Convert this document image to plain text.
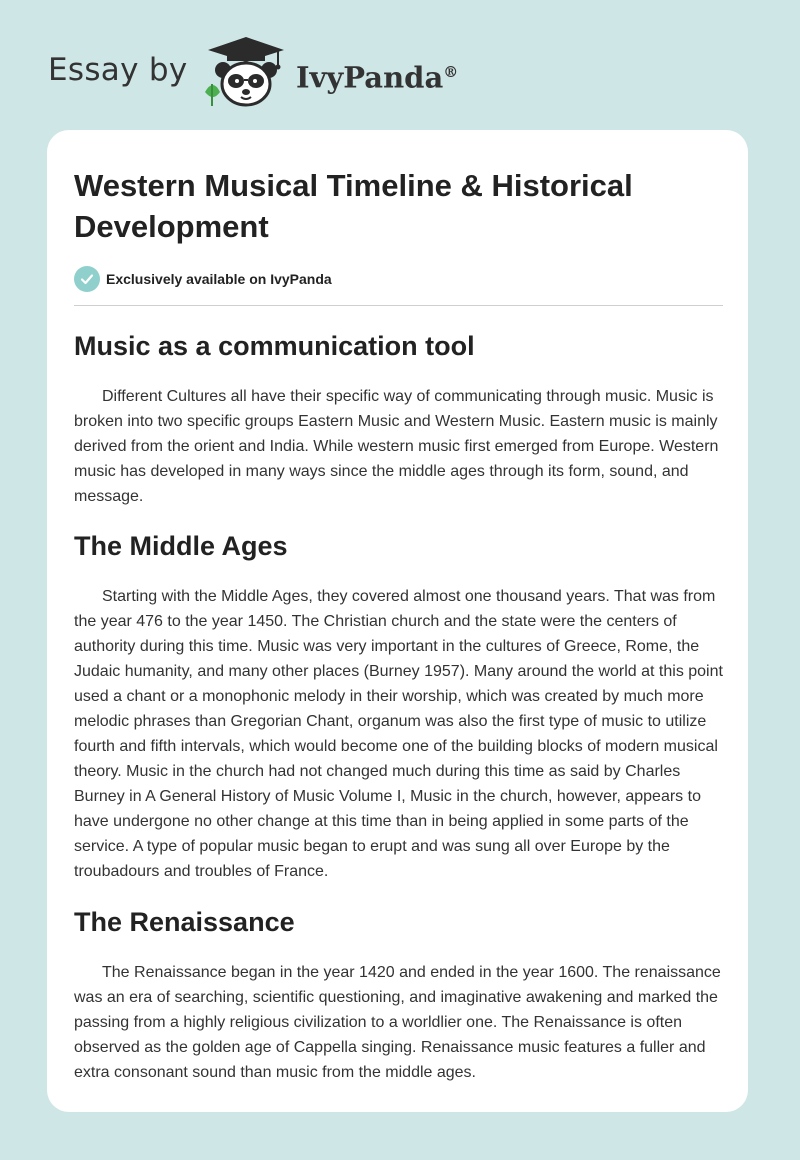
Essay by	IvyPanda®
Western Musical Timeline & Historical Development
Exclusively available on IvyPanda
Music as a communication tool

Different Cultures all have their specific way of communicating through music. Music is broken into two specific groups Eastern Music and Western Music. Eastern music is mainly derived from the orient and India. While western music first emerged from Europe. Western music has developed in many ways since the middle ages through its form, sound, and message.

The Middle Ages

Starting with the Middle Ages, they covered almost one thousand years. That was from the year 476 to the year 1450. The Christian church and the state were the centers of authority during this time. Music was very important in the cultures of Greece, Rome, the Judaic humanity, and many other places (Burney 1957). Many around the world at this point used a chant or a monophonic melody in their worship, which was created by much more melodic phrases than Gregorian Chant, organum was also the first type of music to utilize fourth and fifth intervals, which would become one of the building blocks of modern musical theory. Music in the church had not changed much during this time as said by Charles Burney in A General History of Music Volume I, Music in the church, however, appears to have undergone no other change at this time than in being applied in some parts of the service. A type of popular music began to erupt and was sung all over Europe by the troubadours and troubles of France.

The Renaissance

The Renaissance began in the year 1420 and ended in the year 1600. The renaissance was an era of searching, scientific questioning, and imaginative awakening and marked the passing from a highly religious civilization to a worldlier one. The Renaissance is often observed as the golden age of Cappella singing. Renaissance music features a fuller and extra consonant sound than music from the middle ages.
